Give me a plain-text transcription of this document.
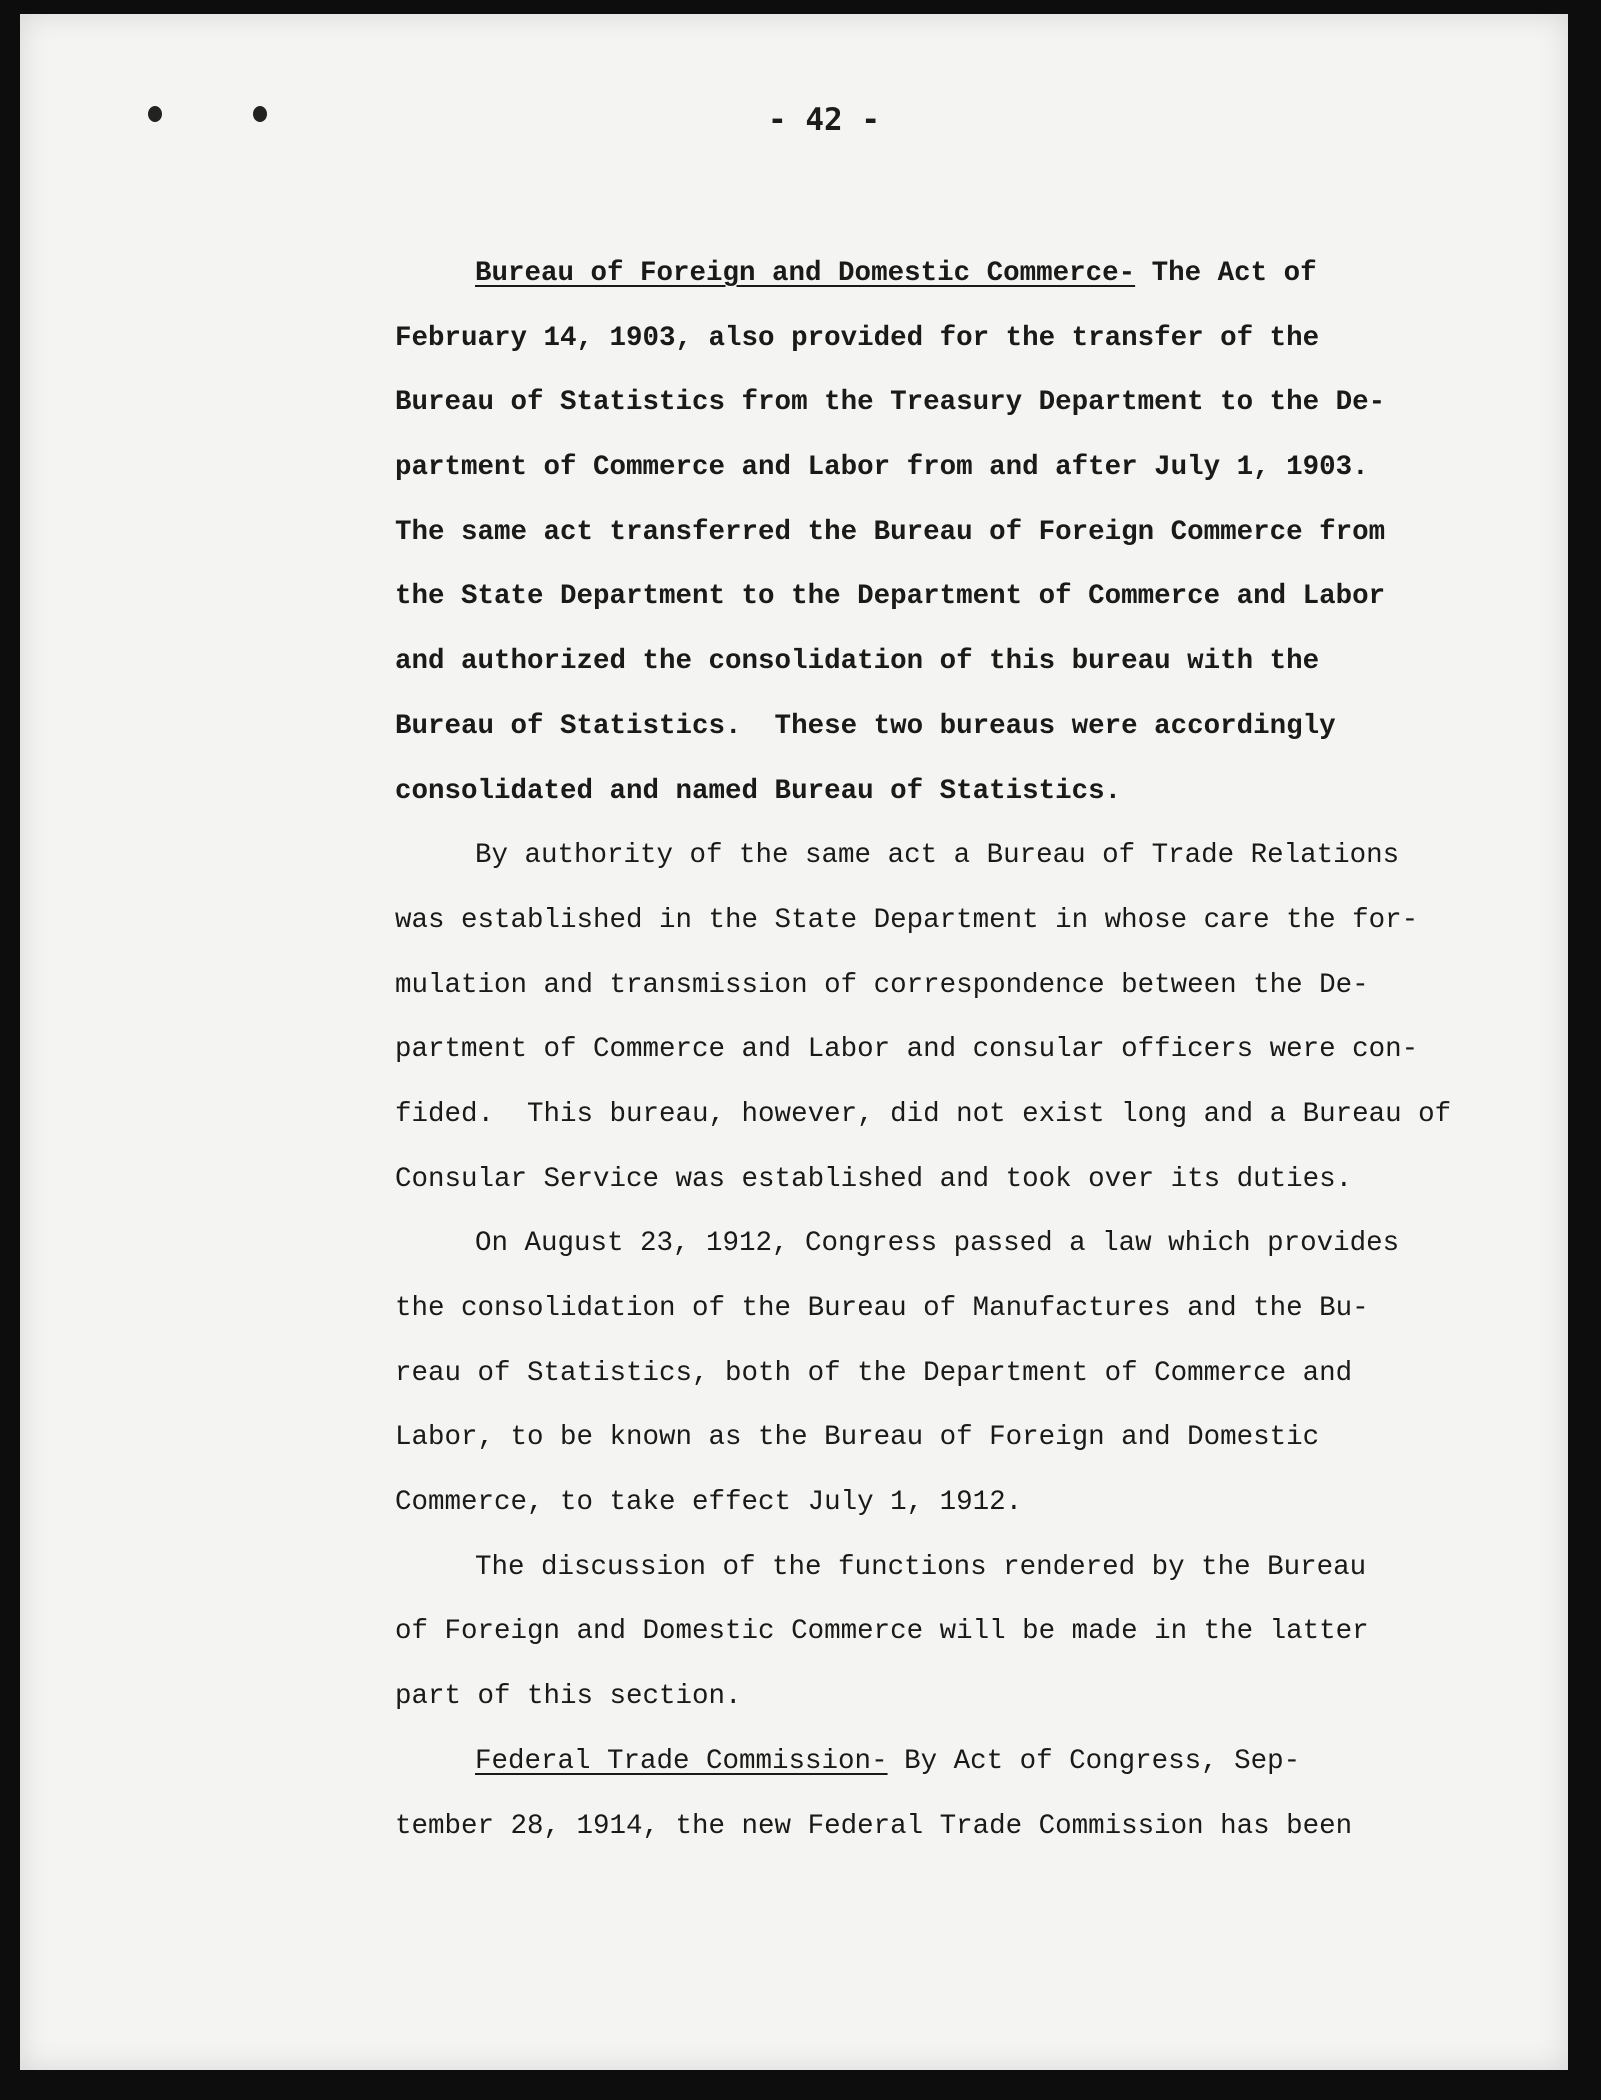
- 42 -
Bureau of Foreign and Domestic Commerce- The Act of
February 14, 1903, also provided for the transfer of the
Bureau of Statistics from the Treasury Department to the De-
partment of Commerce and Labor from and after July 1, 1903.
The same act transferred the Bureau of Foreign Commerce from
the State Department to the Department of Commerce and Labor
and authorized the consolidation of this bureau with the
Bureau of Statistics.  These two bureaus were accordingly
consolidated and named Bureau of Statistics.
By authority of the same act a Bureau of Trade Relations
was established in the State Department in whose care the for-
mulation and transmission of correspondence between the De-
partment of Commerce and Labor and consular officers were con-
fided.  This bureau, however, did not exist long and a Bureau of
Consular Service was established and took over its duties.
On August 23, 1912, Congress passed a law which provides
the consolidation of the Bureau of Manufactures and the Bu-
reau of Statistics, both of the Department of Commerce and
Labor, to be known as the Bureau of Foreign and Domestic
Commerce, to take effect July 1, 1912.
The discussion of the functions rendered by the Bureau
of Foreign and Domestic Commerce will be made in the latter
part of this section.
Federal Trade Commission- By Act of Congress, Sep-
tember 28, 1914, the new Federal Trade Commission has been
